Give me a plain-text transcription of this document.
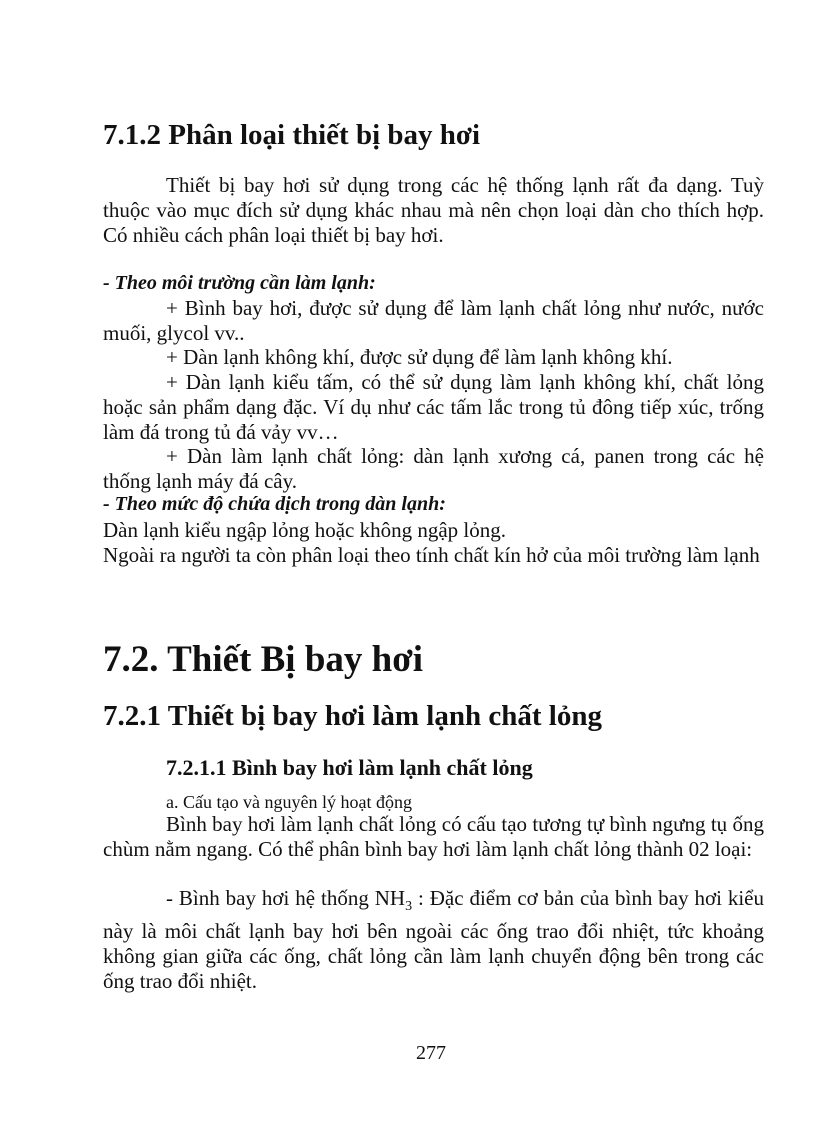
7.1.2 Phân loại thiết bị bay hơi
Thiết bị bay hơi sử dụng trong các hệ thống lạnh rất đa dạng. Tuỳ thuộc vào mục đích sử dụng khác nhau mà nên chọn loại dàn cho thích hợp. Có nhiều cách phân loại thiết bị bay hơi.
- Theo môi trường cần làm lạnh:
+ Bình bay hơi, được sử dụng để làm lạnh chất lỏng như nước, nước muối, glycol vv..
+ Dàn lạnh không khí, được sử dụng để làm lạnh không khí.
+ Dàn lạnh kiểu tấm, có thể sử dụng làm lạnh không khí, chất lỏng hoặc sản phẩm dạng đặc. Ví dụ như các tấm lắc trong tủ đông tiếp xúc, trống làm đá trong tủ đá vảy vv…
+ Dàn làm lạnh chất lỏng: dàn lạnh xương cá, panen trong các hệ thống lạnh máy đá cây.
- Theo mức độ chứa dịch trong dàn lạnh:
Dàn lạnh kiểu ngập lỏng hoặc không ngập lỏng.
Ngoài ra người ta còn phân loại theo tính chất kín hở của môi trường làm lạnh
7.2. Thiết Bị bay hơi
7.2.1 Thiết bị bay hơi làm lạnh chất lỏng
7.2.1.1 Bình bay hơi làm lạnh chất lỏng
a. Cấu tạo và nguyên lý hoạt động
Bình bay hơi làm lạnh chất lỏng có cấu tạo tương tự bình ngưng tụ ống chùm nằm ngang. Có thể phân bình bay hơi làm lạnh chất lỏng thành 02 loại:
- Bình bay hơi hệ thống $NH_3$ : Đặc điểm cơ bản của bình bay hơi kiểu này là môi chất lạnh bay hơi bên ngoài các ống trao đổi nhiệt, tức khoảng không gian giữa các ống, chất lỏng cần làm lạnh chuyển động bên trong các ống trao đổi nhiệt.
277
